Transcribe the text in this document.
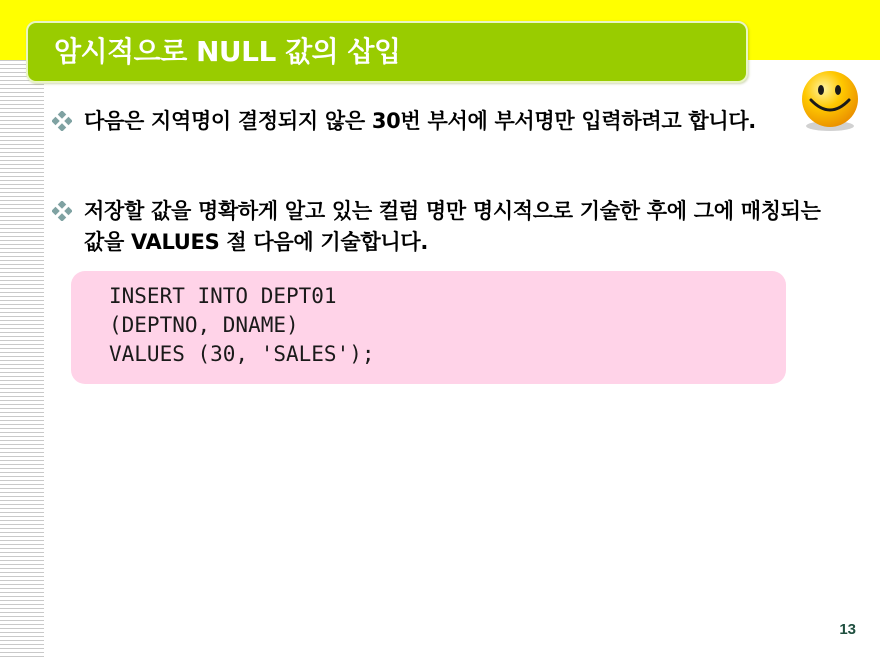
암시적으로 NULL 값의 삽입

다음은 지역명이 결정되지 않은 30번 부서에 부서명만 입력하려고 합니다.

저장할 값을 명확하게 알고 있는 컬럼 명만 명시적으로 기술한 후에 그에 매칭되는 값을 VALUES 절 다음에 기술합니다.

INSERT INTO DEPT01
(DEPTNO, DNAME)
VALUES (30, 'SALES');
13
